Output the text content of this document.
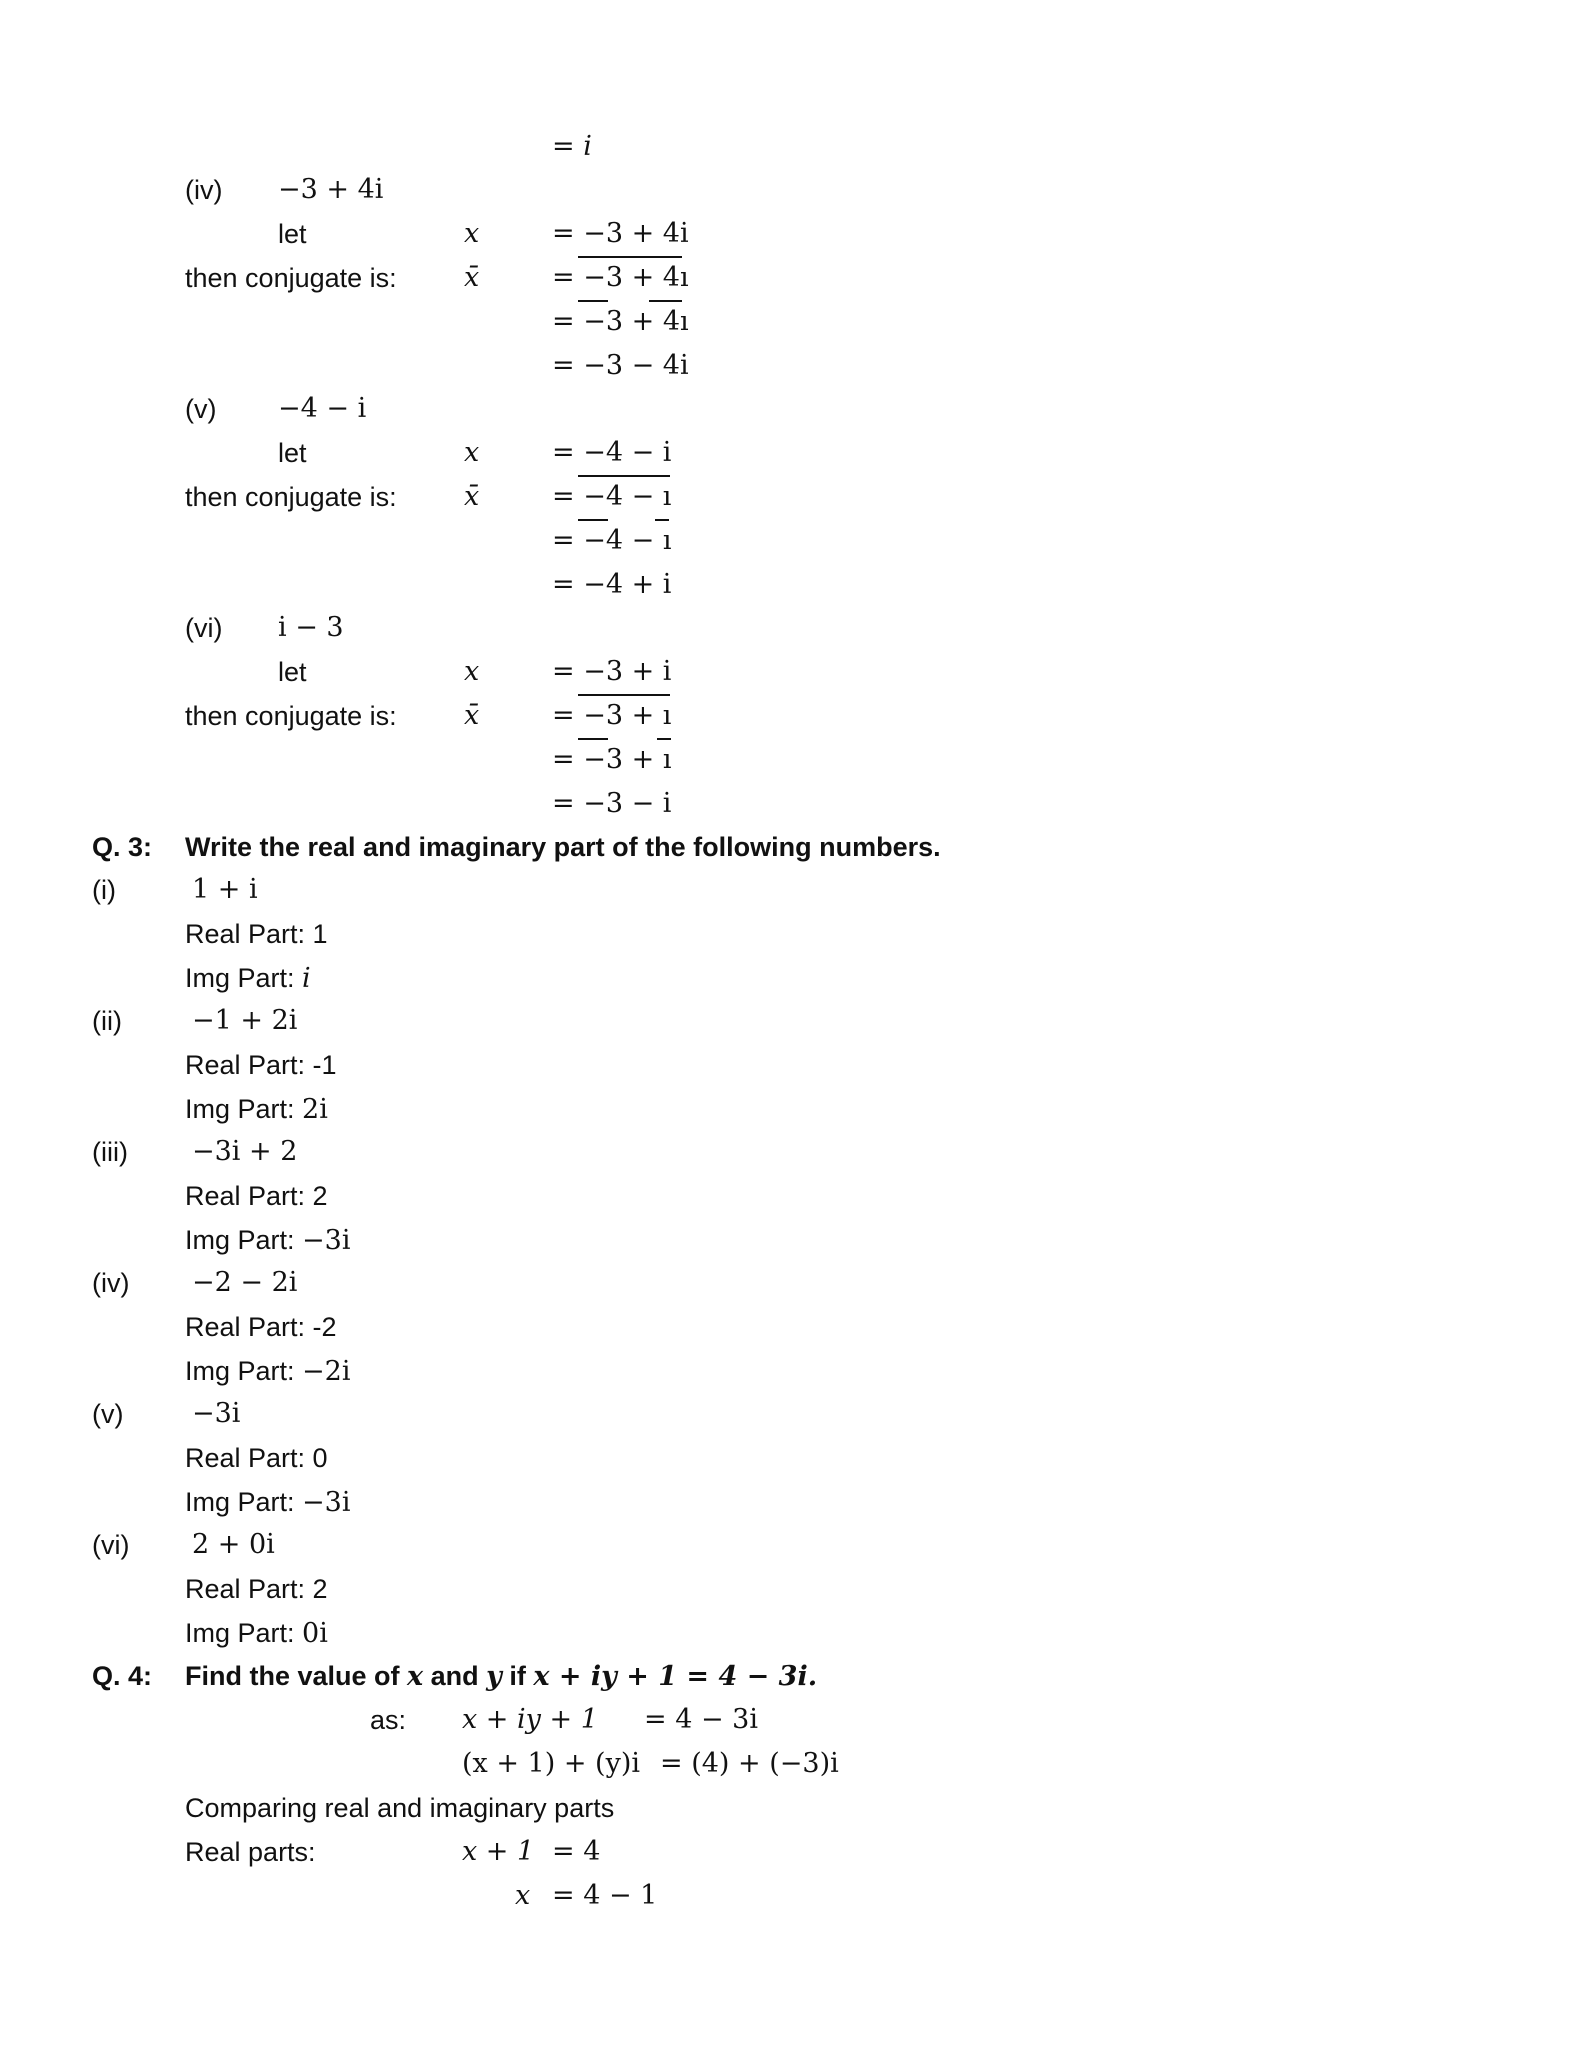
= i
(iv) −3 + 4i
let	x	= −3 + 4i
then conjugate is: x̄	= −3 + 4ı
= −3 + 4ı
= −3 − 4i
(v) −4 − i
let	x	= −4 − i
then conjugate is: x̄	= −4 − ı
= −4 − ı
= −4 + i
(vi) i − 3
let	x	= −3 + i
then conjugate is: x̄	= −3 + ı
= −3 + ı
= −3 − i
Q. 3: Write the real and imaginary part of the following numbers.
(i)	1 + i
Real Part: 1
Img Part: i
(ii)	−1 + 2i
Real Part: -1
Img Part: 2i
(iii) −3i + 2
Real Part: 2
Img Part: −3i
(iv) −2 − 2i
Real Part: -2
Img Part: −2i
(v)	−3i
Real Part: 0
Img Part: −3i
(vi) 2 + 0i
Real Part: 2
Img Part: 0i
Q. 4: Find the value of x and y if x + iy + 1 = 4 − 3i.
as: x + iy + 1 = 4 − 3i
(x + 1) + (y)i = (4) + (−3)i
Comparing real and imaginary parts
Real parts:	x + 1 = 4
x = 4 − 1
